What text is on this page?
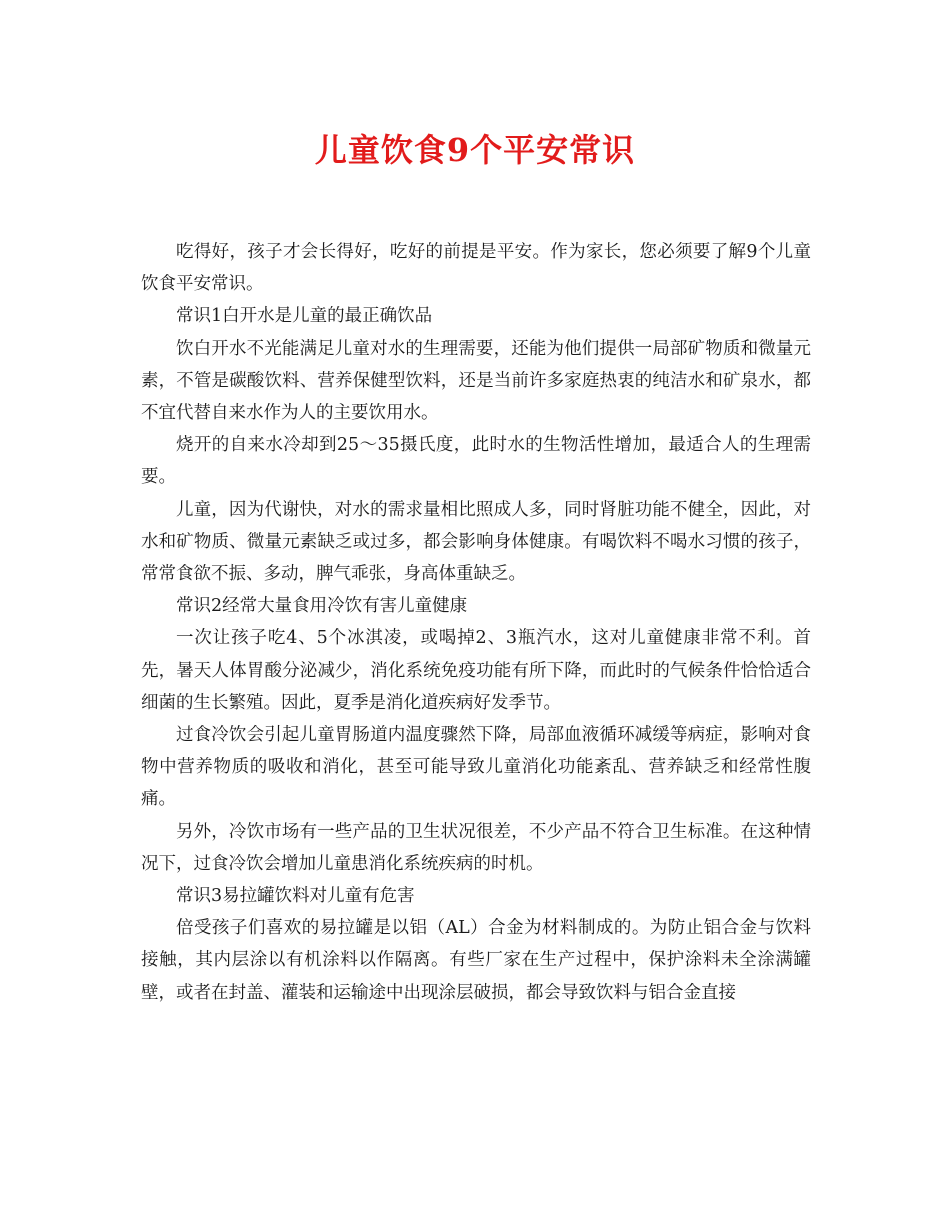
儿童饮食9个平安常识

吃得好，孩子才会长得好，吃好的前提是平安。作为家长，您必须要了解9个儿童饮食平安常识。

常识1白开水是儿童的最正确饮品

饮白开水不光能满足儿童对水的生理需要，还能为他们提供一局部矿物质和微量元素，不管是碳酸饮料、营养保健型饮料，还是当前许多家庭热衷的纯洁水和矿泉水，都不宜代替自来水作为人的主要饮用水。

烧开的自来水冷却到25～35摄氏度，此时水的生物活性增加，最适合人的生理需要。

儿童，因为代谢快，对水的需求量相比照成人多，同时肾脏功能不健全，因此，对水和矿物质、微量元素缺乏或过多，都会影响身体健康。有喝饮料不喝水习惯的孩子，常常食欲不振、多动，脾气乖张，身高体重缺乏。

常识2经常大量食用冷饮有害儿童健康

一次让孩子吃4、5个冰淇凌，或喝掉2、3瓶汽水，这对儿童健康非常不利。首先，暑天人体胃酸分泌减少，消化系统免疫功能有所下降，而此时的气候条件恰恰适合细菌的生长繁殖。因此，夏季是消化道疾病好发季节。

过食冷饮会引起儿童胃肠道内温度骤然下降，局部血液循环减缓等病症，影响对食物中营养物质的吸收和消化，甚至可能导致儿童消化功能紊乱、营养缺乏和经常性腹痛。

另外，冷饮市场有一些产品的卫生状况很差，不少产品不符合卫生标准。在这种情况下，过食冷饮会增加儿童患消化系统疾病的时机。

常识3易拉罐饮料对儿童有危害

倍受孩子们喜欢的易拉罐是以铝（AL）合金为材料制成的。为防止铝合金与饮料接触，其内层涂以有机涂料以作隔离。有些厂家在生产过程中，保护涂料未全涂满罐壁，或者在封盖、灌装和运输途中出现涂层破损，都会导致饮料与铝合金直接
